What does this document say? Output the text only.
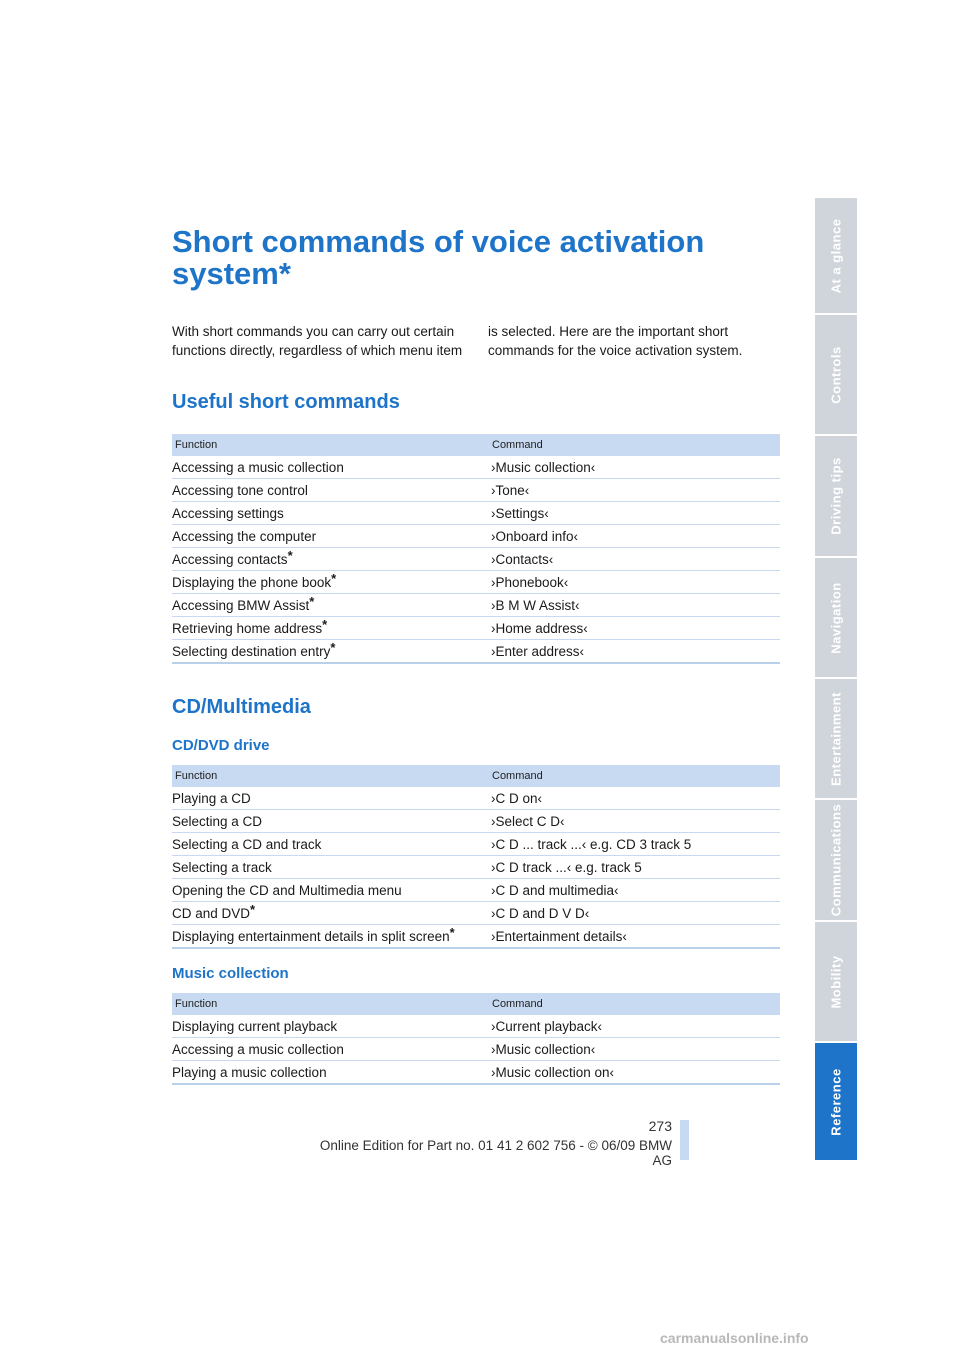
Short commands of voice activation system*

With short commands you can carry out certain functions directly, regardless of which menu item is selected. Here are the important short commands for the voice activation system.

Useful short commands
Function	Command
Accessing a music collection	›Music collection‹
Accessing tone control	›Tone‹
Accessing settings	›Settings‹
Accessing the computer	›Onboard info‹
Accessing contacts*	›Contacts‹
Displaying the phone book*	›Phonebook‹
Accessing BMW Assist*	›B M W Assist‹
Retrieving home address*	›Home address‹
Selecting destination entry*	›Enter address‹
CD/Multimedia
CD/DVD drive
Function	Command
Playing a CD	›C D on‹
Selecting a CD	›Select C D‹
Selecting a CD and track	›C D ... track ...‹ e.g. CD 3 track 5
Selecting a track	›C D track ...‹ e.g. track 5
Opening the CD and Multimedia menu	›C D and multimedia‹
CD and DVD*	›C D and D V D‹
Displaying entertainment details in split screen*	›Entertainment details‹
Music collection
Function	Command
Displaying current playback	›Current playback‹
Accessing a music collection	›Music collection‹
Playing a music collection	›Music collection on‹
At a glance
Controls
Driving tips
Navigation
Entertainment
Communications
Mobility
Reference
273
Online Edition for Part no. 01 41 2 602 756 - © 06/09 BMW AG
carmanualsonline.info
